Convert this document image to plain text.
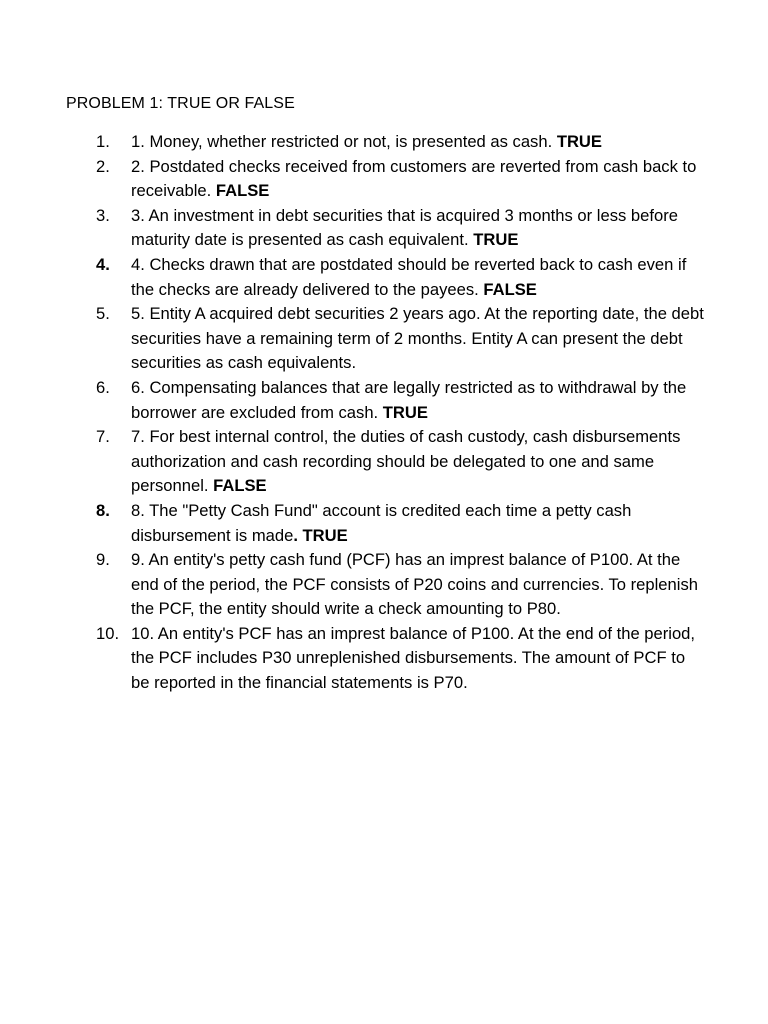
PROBLEM 1: TRUE OR FALSE
1.	1. Money, whether restricted or not, is presented as cash. TRUE
2.	2. Postdated checks received from customers are reverted from cash back to receivable. FALSE
3.	3. An investment in debt securities that is acquired 3 months or less before maturity date is presented as cash equivalent. TRUE
4.	4. Checks drawn that are postdated should be reverted back to cash even if the checks are already delivered to the payees. FALSE
5.	5. Entity A acquired debt securities 2 years ago. At the reporting date, the debt securities have a remaining term of 2 months. Entity A can present the debt securities as cash equivalents.
6.	6. Compensating balances that are legally restricted as to withdrawal by the borrower are excluded from cash. TRUE
7.	7. For best internal control, the duties of cash custody, cash disbursements authorization and cash recording should be delegated to one and same personnel. FALSE
8.	8. The "Petty Cash Fund" account is credited each time a petty cash disbursement is made. TRUE
9.	9. An entity's petty cash fund (PCF) has an imprest balance of P100. At the end of the period, the PCF consists of P20 coins and currencies. To replenish the PCF, the entity should write a check amounting to P80.
10. 10. An entity's PCF has an imprest balance of P100. At the end of the period, the PCF includes P30 unreplenished disbursements. The amount of PCF to be reported in the financial statements is P70.
